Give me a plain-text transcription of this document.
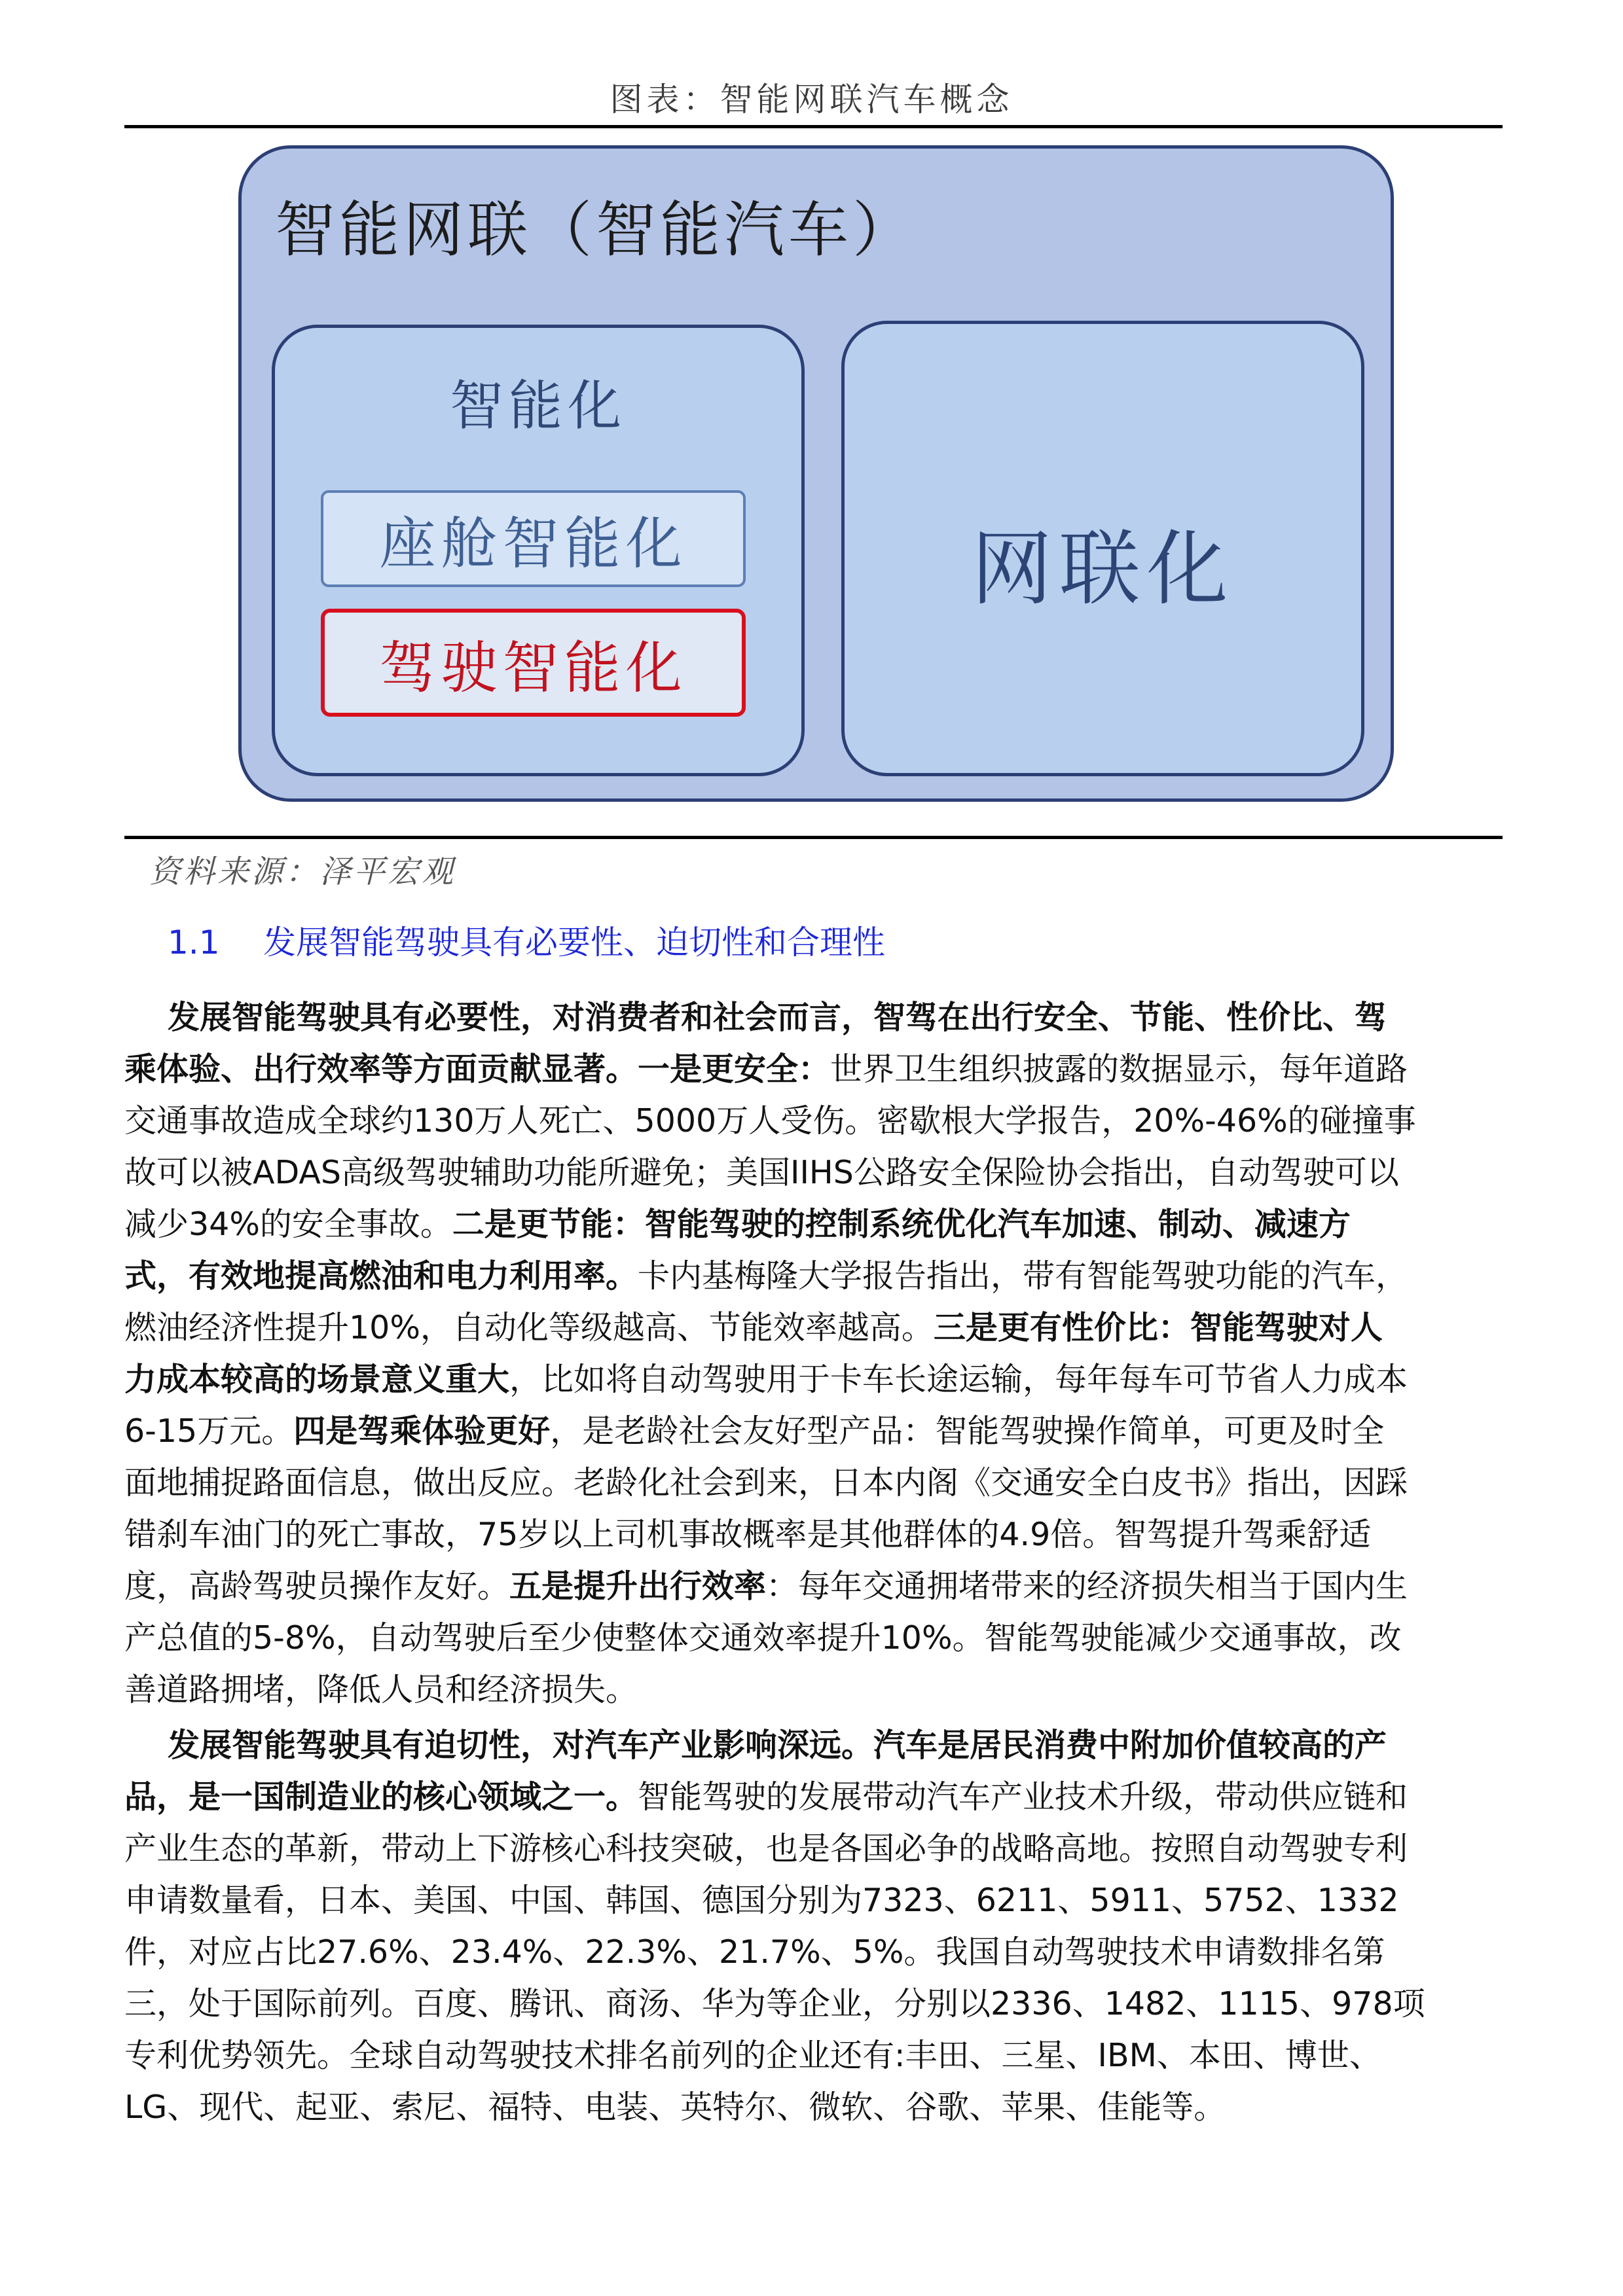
图表：智能网联汽车概念
智能网联（智能汽车）
智能化
座舱智能化
驾驶智能化
网联化
资料来源：泽平宏观
1.1 发展智能驾驶具有必要性、迫切性和合理性
发展智能驾驶具有必要性，对消费者和社会而言，智驾在出行安全、节能、性价比、驾
乘体验、出行效率等方面贡献显著。一是更安全：世界卫生组织披露的数据显示，每年道路
交通事故造成全球约130万人死亡、5000万人受伤。密歇根大学报告，20%-46%的碰撞事
故可以被ADAS高级驾驶辅助功能所避免；美国IIHS公路安全保险协会指出，自动驾驶可以
减少34%的安全事故。二是更节能：智能驾驶的控制系统优化汽车加速、制动、减速方
式，有效地提高燃油和电力利用率。卡内基梅隆大学报告指出，带有智能驾驶功能的汽车，
燃油经济性提升10%，自动化等级越高、节能效率越高。三是更有性价比：智能驾驶对人
力成本较高的场景意义重大，比如将自动驾驶用于卡车长途运输，每年每车可节省人力成本
6-15万元。四是驾乘体验更好，是老龄社会友好型产品：智能驾驶操作简单，可更及时全
面地捕捉路面信息，做出反应。老龄化社会到来，日本内阁《交通安全白皮书》指出，因踩
错刹车油门的死亡事故，75岁以上司机事故概率是其他群体的4.9倍。智驾提升驾乘舒适
度，高龄驾驶员操作友好。五是提升出行效率：每年交通拥堵带来的经济损失相当于国内生
产总值的5-8%，自动驾驶后至少使整体交通效率提升10%。智能驾驶能减少交通事故，改
善道路拥堵，降低人员和经济损失。
发展智能驾驶具有迫切性，对汽车产业影响深远。汽车是居民消费中附加价值较高的产
品，是一国制造业的核心领域之一。智能驾驶的发展带动汽车产业技术升级，带动供应链和
产业生态的革新，带动上下游核心科技突破，也是各国必争的战略高地。按照自动驾驶专利
申请数量看，日本、美国、中国、韩国、德国分别为7323、6211、5911、5752、1332
件，对应占比27.6%、23.4%、22.3%、21.7%、5%。我国自动驾驶技术申请数排名第
三，处于国际前列。百度、腾讯、商汤、华为等企业，分别以2336、1482、1115、978项
专利优势领先。全球自动驾驶技术排名前列的企业还有:丰田、三星、IBM、本田、博世、
LG、现代、起亚、索尼、福特、电装、英特尔、微软、谷歌、苹果、佳能等。
